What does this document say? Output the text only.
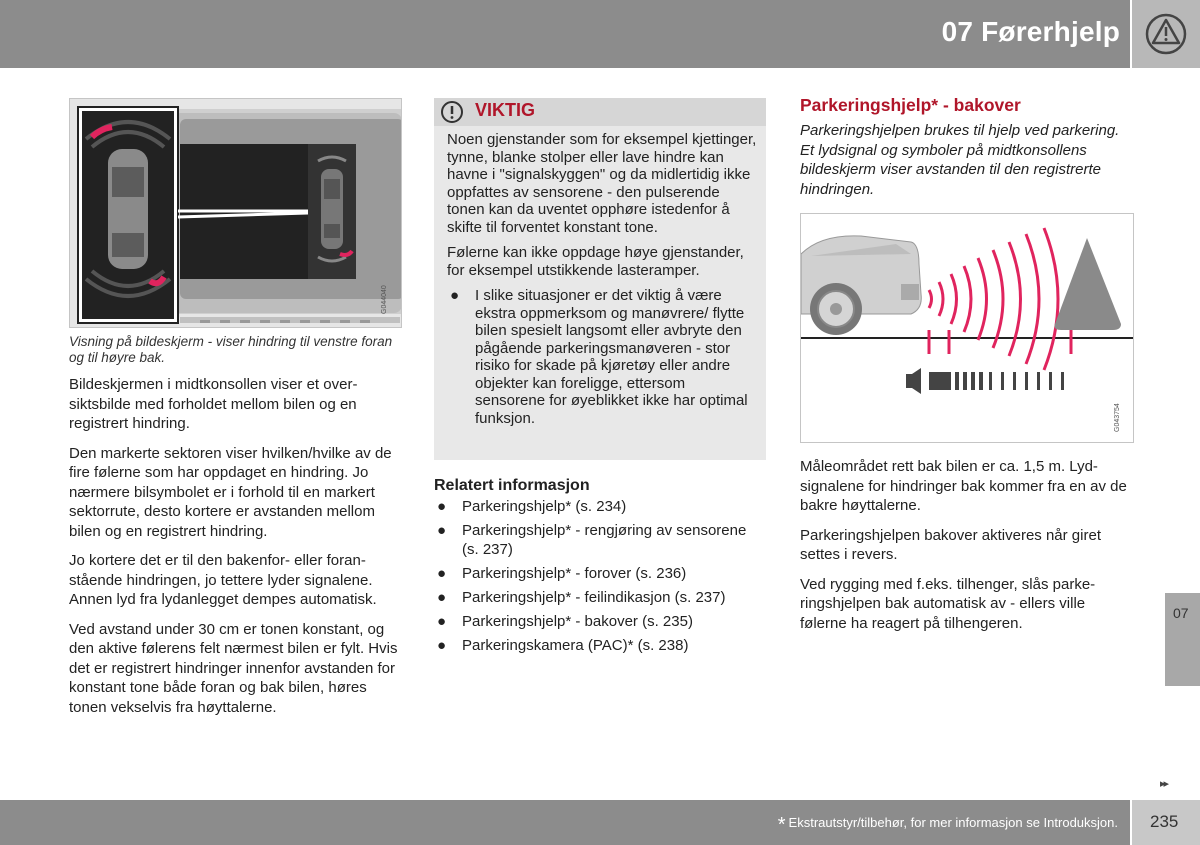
07 Førerhjelp
G044040
Visning på bildeskjerm - viser hindring til venstre foran og til høyre bak.

Bildeskjermen i midtkonsollen viser et oversiktsbilde med forholdet mellom bilen og en registrert hindring.

Den markerte sektoren viser hvilken/hvilke av de fire følerne som har oppdaget en hindring. Jo nærmere bilsymbolet er i forhold til en markert sektorrute, desto kortere er avstanden mellom bilen og en registrert hindring.

Jo kortere det er til den bakenfor- eller foranstående hindringen, jo tettere lyder signalene. Annen lyd fra lydanlegget dempes automatisk.

Ved avstand under 30 cm er tonen konstant, og den aktive følerens felt nærmest bilen er fylt. Hvis det er registrert hindringer innenfor avstanden for konstant tone både foran og bak bilen, høres tonen vekselvis fra høyttalerne.

VIKTIG

Noen gjenstander som for eksempel kjettinger, tynne, blanke stolper eller lave hindre kan havne i "signalskyggen" og da midlertidig ikke oppfattes av sensorene - den pulserende tonen kan da uventet opphøre istedenfor å skifte til forventet konstant tone.

Følerne kan ikke oppdage høye gjenstander, for eksempel utstikkende lasteramper.

● I slike situasjoner er det viktig å være ekstra oppmerksom og manøvrere/ flytte bilen spesielt langsomt eller avbryte den pågående parkeringsmanøveren - stor risiko for skade på kjøretøy eller andre objekter kan foreligge, ettersom sensorene for øyeblikket ikke har optimal funksjon.
Relatert informasjon
● Parkeringshjelp* (s. 234)
● Parkeringshjelp* - rengjøring av sensorene (s. 237)
● Parkeringshjelp* - forover (s. 236)
● Parkeringshjelp* - feilindikasjon (s. 237)
● Parkeringshjelp* - bakover (s. 235)
● Parkeringskamera (PAC)* (s. 238)
Parkeringshjelp* - bakover
Parkeringshjelpen brukes til hjelp ved parkering. Et lydsignal og symboler på midtkonsollens bildeskjerm viser avstanden til den registrerte hindringen.
G043754

Måleområdet rett bak bilen er ca. 1,5 m. Lydsignalene for hindringer bak kommer fra en av de bakre høyttalerne.

Parkeringshjelpen bakover aktiveres når giret settes i revers.

Ved rygging med f.eks. tilhenger, slås parkeringshjelpen bak automatisk av - ellers ville følerne ha reagert på tilhengeren.

07
▸▸
* Ekstrautstyr/tilbehør, for mer informasjon se Introduksjon. 235
